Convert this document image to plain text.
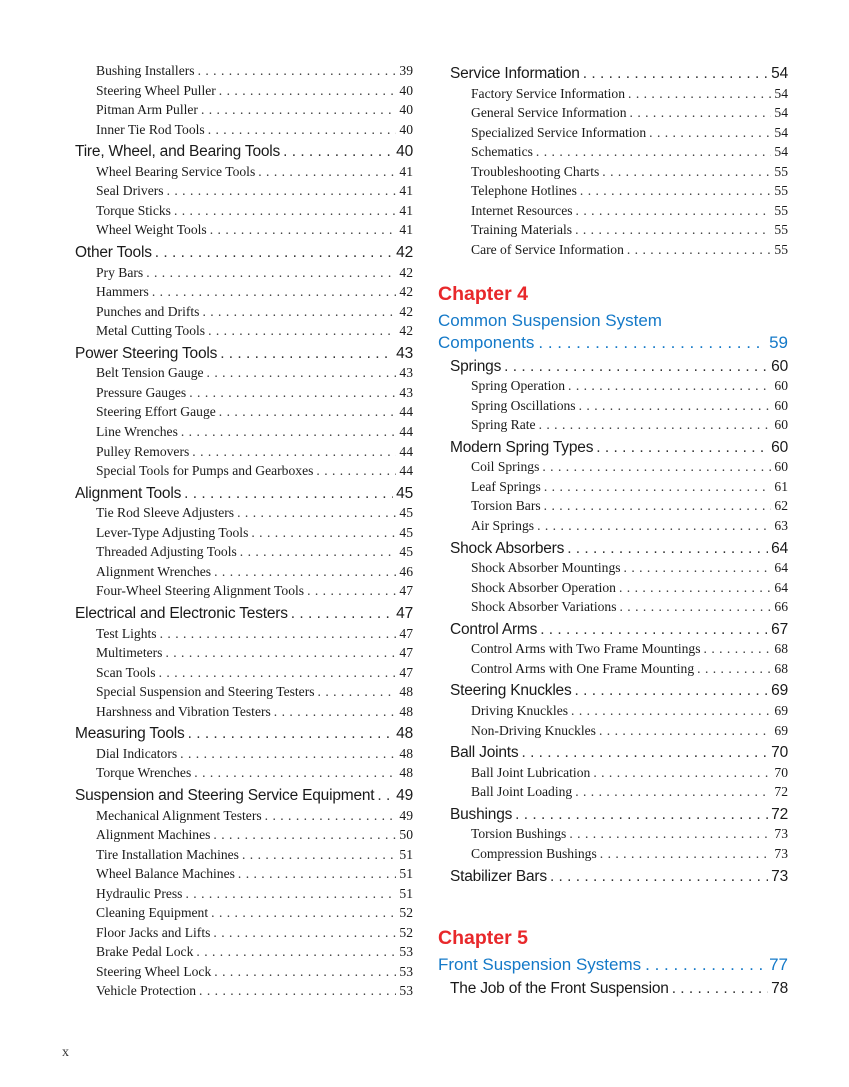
Bushing Installers . . .	39
Steering Wheel Puller . . .	40
Pitman Arm Puller . . .	40
Inner Tie Rod Tools . . .	40
Tire, Wheel, and Bearing Tools . .	40
Wheel Bearing Service Tools . . .	41
Seal Drivers . . .	41
Torque Sticks . . .	41
Wheel Weight Tools . . .	41
Other Tools . .	42
Pry Bars . . .	42
Hammers . . .	42
Punches and Drifts . . .	42
Metal Cutting Tools . . .	42
Power Steering Tools . .	43
Belt Tension Gauge . . .	43
Pressure Gauges . . .	43
Steering Effort Gauge . . .	44
Line Wrenches . . .	44
Pulley Removers . . .	44
Special Tools for Pumps and Gearboxes . . .	44
Alignment Tools . .	45
Tie Rod Sleeve Adjusters . . .	45
Lever-Type Adjusting Tools . . .	45
Threaded Adjusting Tools . . .	45
Alignment Wrenches . . .	46
Four-Wheel Steering Alignment Tools . . .	47
Electrical and Electronic Testers . .	47
Test Lights . . .	47
Multimeters . . .	47
Scan Tools . . .	47
Special Suspension and Steering Testers . . .	48
Harshness and Vibration Testers . . .	48
Measuring Tools . .	48
Dial Indicators . . .	48
Torque Wrenches . . .	48
Suspension and Steering Service Equipment . . 49
Mechanical Alignment Testers . . .	49
Alignment Machines . . .	50
Tire Installation Machines . . .	51
Wheel Balance Machines . . .	51
Hydraulic Press . . .	51
Cleaning Equipment . . .	52
Floor Jacks and Lifts . . .	52
Brake Pedal Lock . . .	53
Steering Wheel Lock . . .	53
Vehicle Protection . . .	53
Service Information . .	54
Factory Service Information . . .	54
General Service Information . . .	54
Specialized Service Information . . .	54
Schematics . . .	54
Troubleshooting Charts . . .	55
Telephone Hotlines . . .	55
Internet Resources . . .	55
Training Materials . . .	55
Care of Service Information . . .	55
Chapter 4
Common Suspension System
Components . .	59
Springs . .	60
Spring Operation . . .	60
Spring Oscillations . . .	60
Spring Rate . . .	60
Modern Spring Types . .	60
Coil Springs . . .	60
Leaf Springs . . .	61
Torsion Bars . . .	62
Air Springs . . .	63
Shock Absorbers . .	64
Shock Absorber Mountings . . .	64
Shock Absorber Operation . . .	64
Shock Absorber Variations . . .	66
Control Arms . .	67
Control Arms with Two Frame Mountings . . .	68
Control Arms with One Frame Mounting . . .	68
Steering Knuckles . .	69
Driving Knuckles . . .	69
Non-Driving Knuckles . . .	69
Ball Joints . .	70
Ball Joint Lubrication . . .	70
Ball Joint Loading . . .	72
Bushings . .	72
Torsion Bushings . . .	73
Compression Bushings . . .	73
Stabilizer Bars . .	73
Chapter 5
Front Suspension Systems . .	77
The Job of the Front Suspension . .	78
x
